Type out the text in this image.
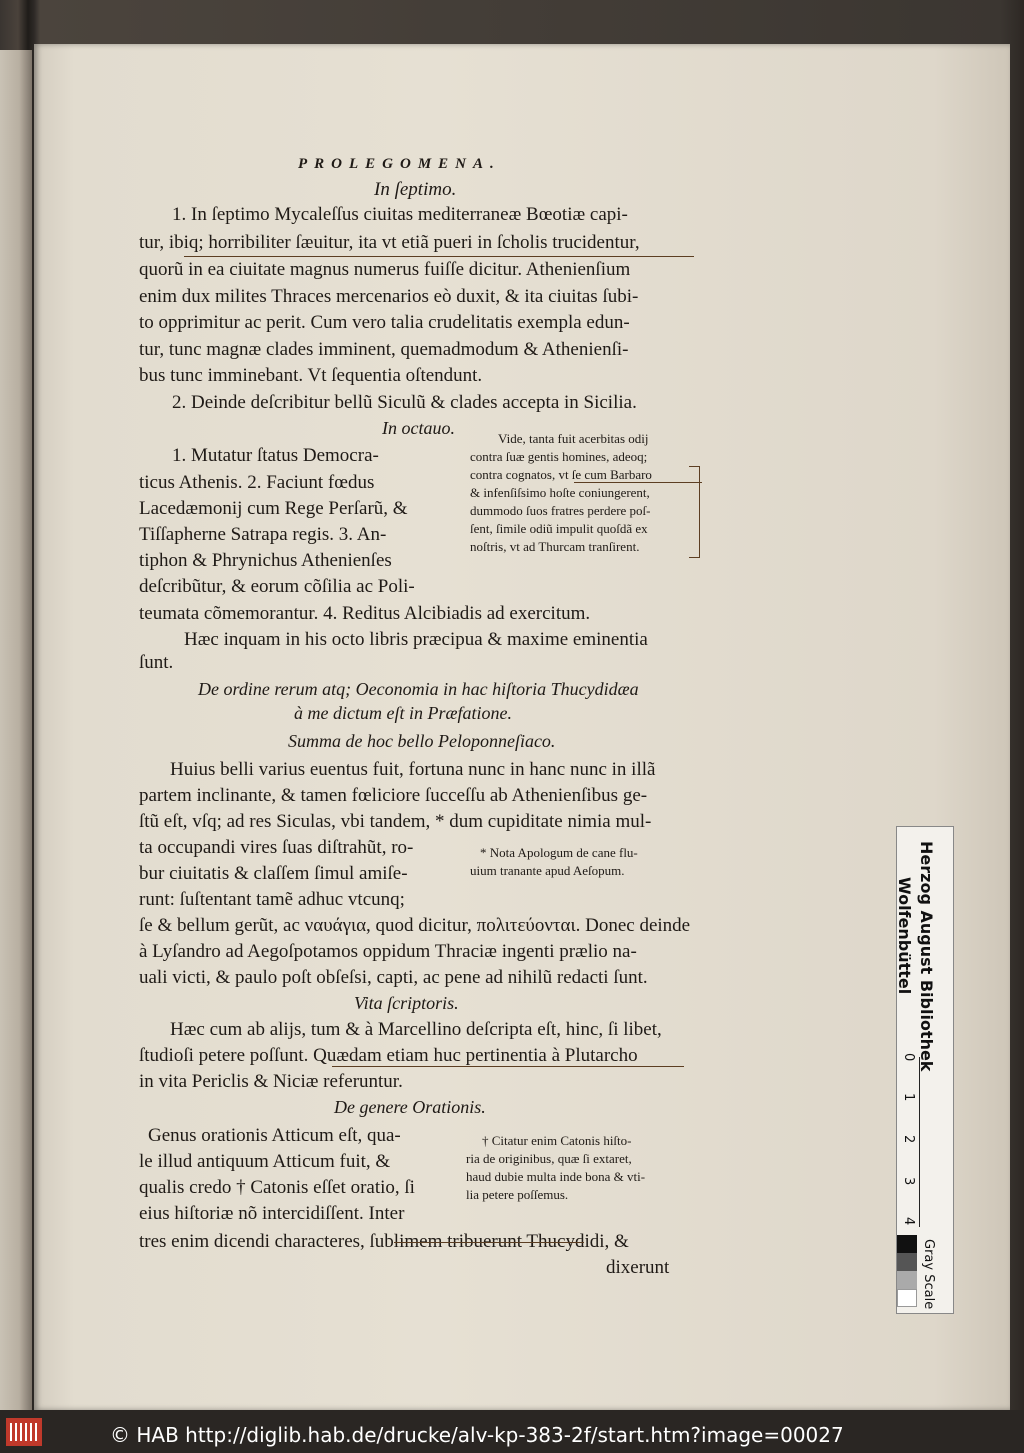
PROLEGOMENA.
In ſeptimo.
1. In ſeptimo Mycaleſſus ciuitas mediterraneæ Bœotiæ capi-
tur, ibiq; horribiliter ſæuitur, ita vt etiã pueri in ſcholis trucidentur,
quorũ in ea ciuitate magnus numerus fuiſſe dicitur. Athenienſium
enim dux milites Thraces mercenarios eò duxit, & ita ciuitas ſubi-
to opprimitur ac perit. Cum vero talia crudelitatis exempla edun-
tur, tunc magnæ clades imminent, quemadmodum & Athenienſi-
bus tunc imminebant. Vt ſequentia oſtendunt.
2. Deinde deſcribitur bellũ Siculũ & clades accepta in Sicilia.
In octauo.
1. Mutatur ſtatus Democra-
ticus Athenis. 2. Faciunt fœdus
Lacedæmonij cum Rege Perſarũ, &
Tiſſapherne Satrapa regis. 3. An-
tiphon & Phrynichus Athenienſes
deſcribũtur, & eorum cõſilia ac Poli-
Vide, tanta fuit acerbitas odij
contra ſuæ gentis homines, adeoq;
contra cognatos, vt ſe cum Barbaro
& infenſiſsimo hoſte coniungerent,
dummodo ſuos fratres perdere poſ-
ſent, ſimile odiũ impulit quoſdã ex
noſtris, vt ad Thurcam tranſirent.
teumata cõmemorantur. 4. Reditus Alcibiadis ad exercitum.
Hæc inquam in his octo libris præcipua & maxime eminentia
ſunt.
De ordine rerum atq; Oeconomia in hac hiſtoria Thucydidæa
à me dictum eſt in Præfatione.
Summa de hoc bello Peloponneſiaco.
Huius belli varius euentus fuit, fortuna nunc in hanc nunc in illã
partem inclinante, & tamen fœliciore ſucceſſu ab Athenienſibus ge-
ſtũ eſt, vſq; ad res Siculas, vbi tandem, * dum cupiditate nimia mul-
ta occupandi vires ſuas diſtrahũt, ro-
bur ciuitatis & claſſem ſimul amiſe-
runt: ſuſtentant tamẽ adhuc vtcunq;
ſe & bellum gerũt, ac ναυάγια, quod dicitur, πολιτεύονται. Donec deinde
à Lyſandro ad Aegoſpotamos oppidum Thraciæ ingenti prælio na-
uali victi, & paulo poſt obſeſsi, capti, ac pene ad nihilũ redacti ſunt.
* Nota Apologum de cane flu-
uium tranante apud Aeſopum.
Vita ſcriptoris.
Hæc cum ab alijs, tum & à Marcellino deſcripta eſt, hinc, ſi libet,
ſtudioſi petere poſſunt. Quædam etiam huc pertinentia à Plutarcho
in vita Periclis & Niciæ referuntur.
De genere Orationis.
Genus orationis Atticum eſt, qua-
le illud antiquum Atticum fuit, &
qualis credo † Catonis eſſet oratio, ſi
eius hiſtoriæ nõ intercidiſſent. Inter
tres enim dicendi characteres, ſublimem tribuerunt Thucydidi, &
† Citatur enim Catonis hiſto-
ria de originibus, quæ ſi extaret,
haud dubie multa inde bona & vti-
lia petere poſſemus.
dixerunt
Herzog August Bibliothek
Wolfenbüttel
0
1
2
3
4
Gray Scale
© HAB http://diglib.hab.de/drucke/alv-kp-383-2f/start.htm?image=00027
